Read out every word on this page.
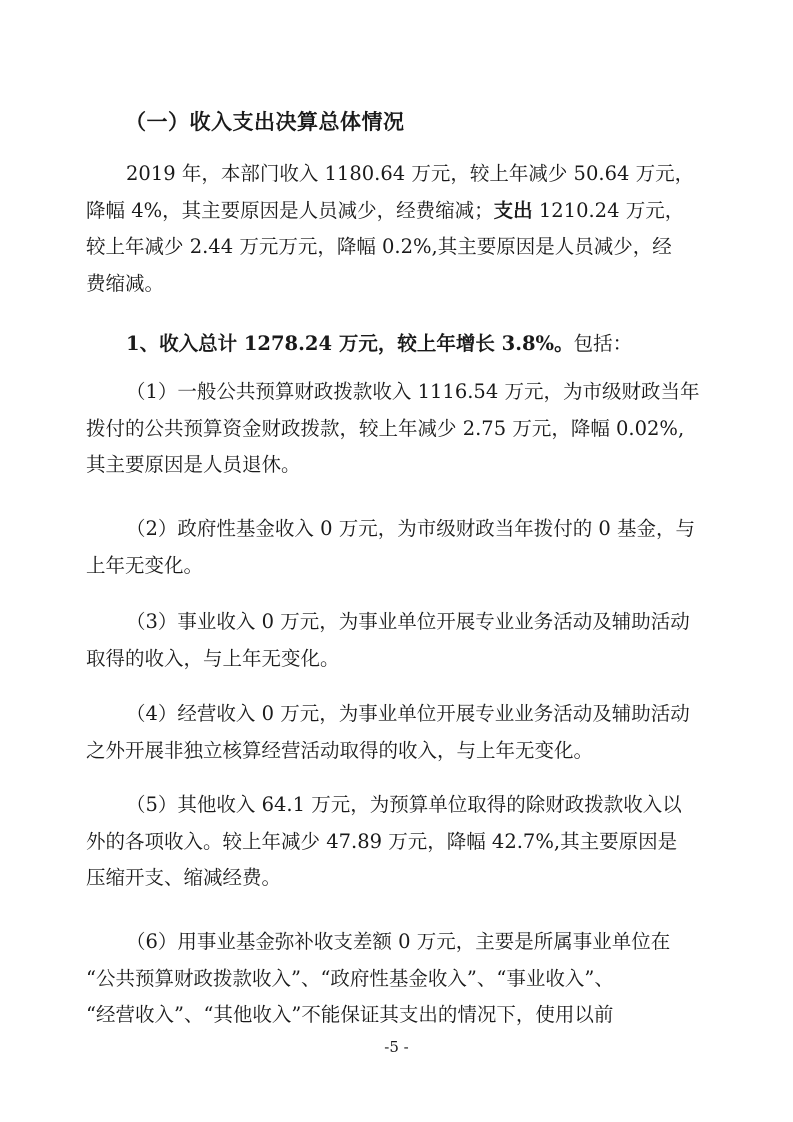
（一）收入支出决算总体情况
2019 年，本部门收入 1180.64 万元，较上年减少 50.64 万元，
降幅 4%，其主要原因是人员减少，经费缩减；支出 1210.24 万元，
较上年减少 2.44 万元万元，降幅 0.2%,其主要原因是人员减少，经
费缩减。
1、收入总计 1278.24 万元，较上年增长 3.8%。包括：
（1）一般公共预算财政拨款收入 1116.54 万元，为市级财政当年
拨付的公共预算资金财政拨款，较上年减少 2.75 万元，降幅 0.02%,
其主要原因是人员退休。
（2）政府性基金收入 0 万元，为市级财政当年拨付的 0 基金，与
上年无变化。
（3）事业收入 0 万元，为事业单位开展专业业务活动及辅助活动
取得的收入，与上年无变化。
（4）经营收入 0 万元，为事业单位开展专业业务活动及辅助活动
之外开展非独立核算经营活动取得的收入，与上年无变化。
（5）其他收入 64.1 万元，为预算单位取得的除财政拨款收入以
外的各项收入。较上年减少 47.89 万元，降幅 42.7%,其主要原因是
压缩开支、缩减经费。
（6）用事业基金弥补收支差额 0 万元，主要是所属事业单位在
“公共预算财政拨款收入”、“政府性基金收入”、“事业收入”、
“经营收入”、“其他收入”不能保证其支出的情况下，使用以前
-5 -
